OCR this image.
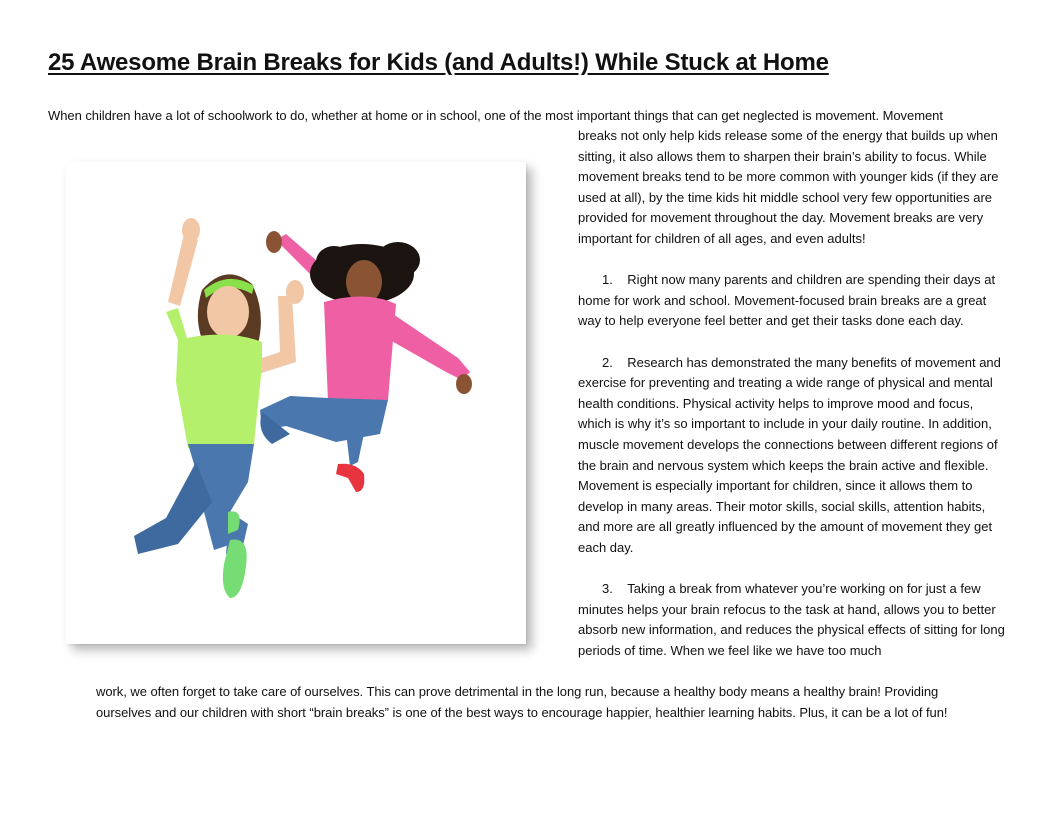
25 Awesome Brain Breaks for Kids (and Adults!) While Stuck at Home
When children have a lot of schoolwork to do, whether at home or in school, one of the most important things that can get neglected is movement. Movement

breaks not only help kids release some of the energy that builds up when sitting, it also allows them to sharpen their brain’s ability to focus. While movement breaks tend to be more common with younger kids (if they are used at all), by the time kids hit middle school very few opportunities are provided for movement throughout the day. Movement breaks are very important for children of all ages, and even adults!

1. Right now many parents and children are spending their days at home for work and school. Movement-focused brain breaks are a great way to help everyone feel better and get their tasks done each day.

2. Research has demonstrated the many benefits of movement and exercise for preventing and treating a wide range of physical and mental health conditions. Physical activity helps to improve mood and focus, which is why it’s so important to include in your daily routine. In addition, muscle movement develops the connections between different regions of the brain and nervous system which keeps the brain active and flexible. Movement is especially important for children, since it allows them to develop in many areas. Their motor skills, social skills, attention habits, and more are all greatly influenced by the amount of movement they get each day.

3. Taking a break from whatever you’re working on for just a few minutes helps your brain refocus to the task at hand, allows you to better absorb new information, and reduces the physical effects of sitting for long periods of time. When we feel like we have too much

work, we often forget to take care of ourselves. This can prove detrimental in the long run, because a healthy body means a healthy brain! Providing
ourselves and our children with short “brain breaks” is one of the best ways to encourage happier, healthier learning habits. Plus, it can be a lot of fun!
